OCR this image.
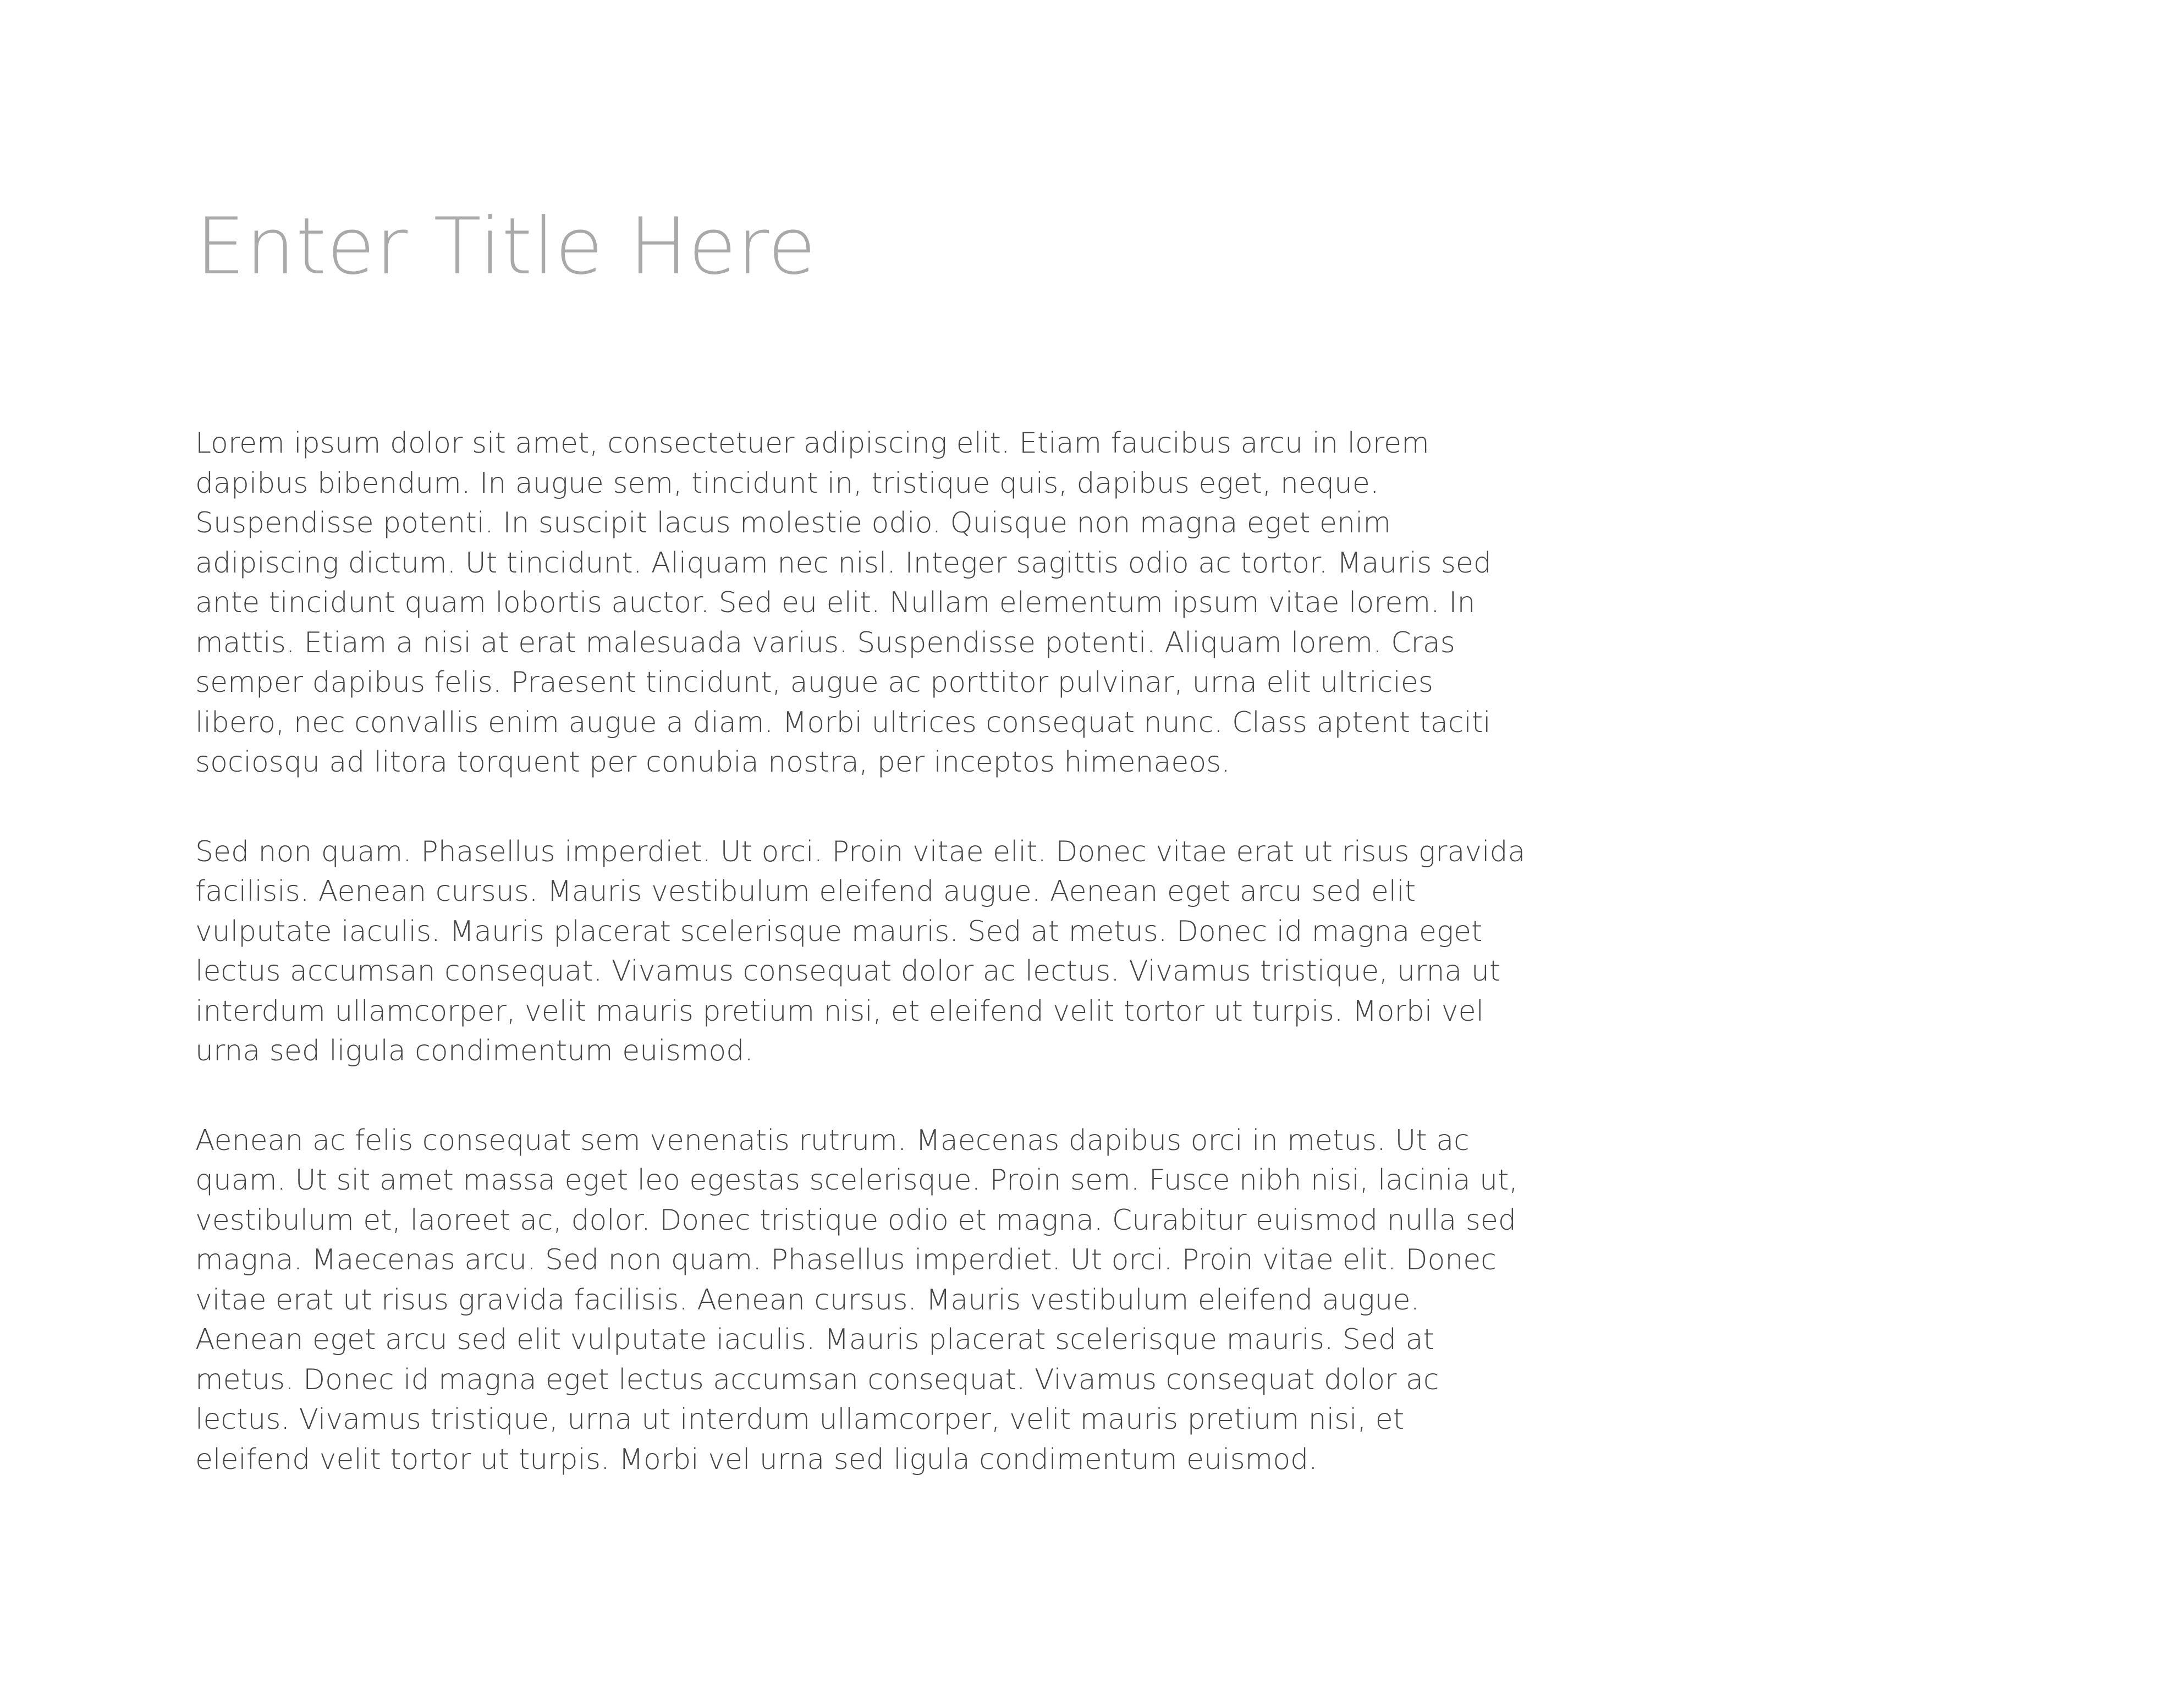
Enter Title Here

Lorem ipsum dolor sit amet, consectetuer adipiscing elit. Etiam faucibus arcu in lorem dapibus bibendum. In augue sem, tincidunt in, tristique quis, dapibus eget, neque. Suspendisse potenti. In suscipit lacus molestie odio. Quisque non magna eget enim adipiscing dictum. Ut tincidunt. Aliquam nec nisl. Integer sagittis odio ac tortor. Mauris sed ante tincidunt quam lobortis auctor. Sed eu elit. Nullam elementum ipsum vitae lorem. In mattis. Etiam a nisi at erat malesuada varius. Suspendisse potenti. Aliquam lorem. Cras semper dapibus felis. Praesent tincidunt, augue ac porttitor pulvinar, urna elit ultricies libero, nec convallis enim augue a diam. Morbi ultrices consequat nunc. Class aptent taciti sociosqu ad litora torquent per conubia nostra, per inceptos himenaeos.

Sed non quam. Phasellus imperdiet. Ut orci. Proin vitae elit. Donec vitae erat ut risus gravida facilisis. Aenean cursus. Mauris vestibulum eleifend augue. Aenean eget arcu sed elit vulputate iaculis. Mauris placerat scelerisque mauris. Sed at metus. Donec id magna eget lectus accumsan consequat. Vivamus consequat dolor ac lectus. Vivamus tristique, urna ut interdum ullamcorper, velit mauris pretium nisi, et eleifend velit tortor ut turpis. Morbi vel urna sed ligula condimentum euismod.

Aenean ac felis consequat sem venenatis rutrum. Maecenas dapibus orci in metus. Ut ac quam. Ut sit amet massa eget leo egestas scelerisque. Proin sem. Fusce nibh nisi, lacinia ut, vestibulum et, laoreet ac, dolor. Donec tristique odio et magna. Curabitur euismod nulla sed magna. Maecenas arcu. Sed non quam. Phasellus imperdiet. Ut orci. Proin vitae elit. Donec vitae erat ut risus gravida facilisis. Aenean cursus. Mauris vestibulum eleifend augue. Aenean eget arcu sed elit vulputate iaculis. Mauris placerat scelerisque mauris. Sed at metus. Donec id magna eget lectus accumsan consequat. Vivamus consequat dolor ac lectus. Vivamus tristique, urna ut interdum ullamcorper, velit mauris pretium nisi, et eleifend velit tortor ut turpis. Morbi vel urna sed ligula condimentum euismod.
